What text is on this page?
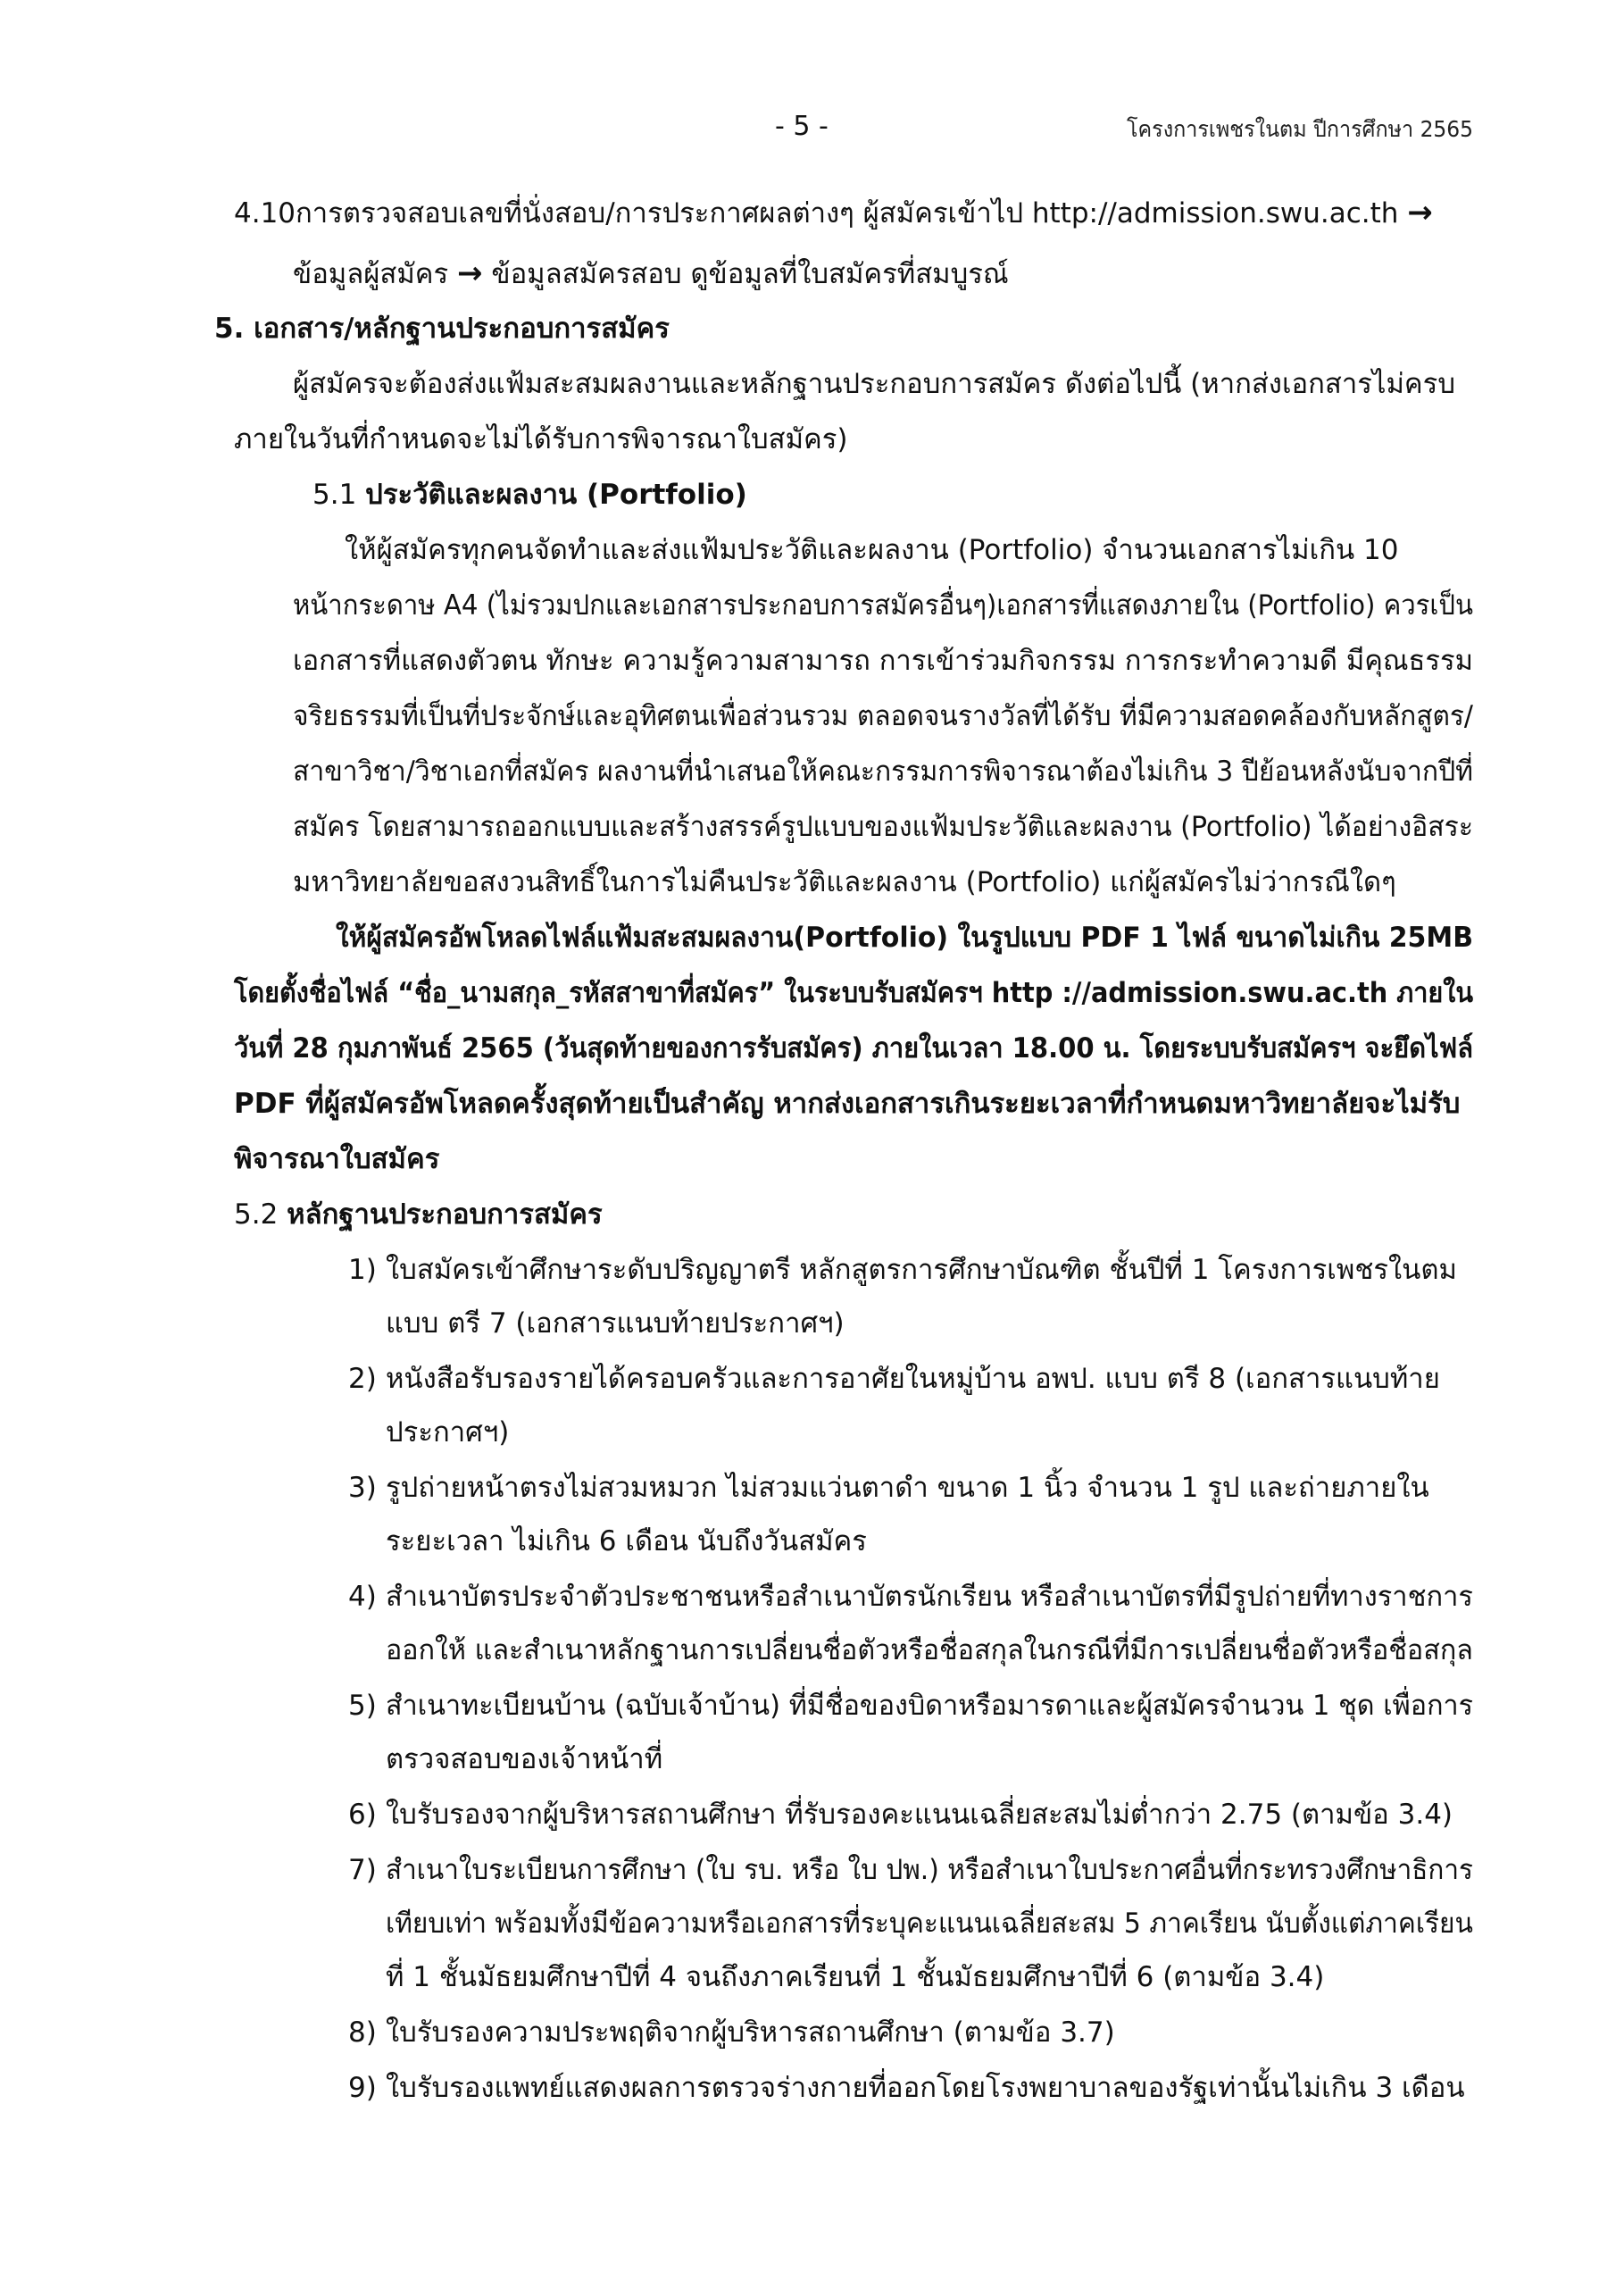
- 5 -	โครงการเพชรในตม ปีการศึกษา 2565
4.10การตรวจสอบเลขที่นั่งสอบ/การประกาศผลต่างๆ ผู้สมัครเข้าไป http://admission.swu.ac.th →
ข้อมูลผู้สมัคร → ข้อมูลสมัครสอบ ดูข้อมูลที่ใบสมัครที่สมบูรณ์
5. เอกสาร/หลักฐานประกอบการสมัคร
ผู้สมัครจะต้องส่งแฟ้มสะสมผลงานและหลักฐานประกอบการสมัคร ดังต่อไปนี้ (หากส่งเอกสารไม่ครบ
ภายในวันที่กำหนดจะไม่ได้รับการพิจารณาใบสมัคร)
5.1 ประวัติและผลงาน (Portfolio)
ให้ผู้สมัครทุกคนจัดทำและส่งแฟ้มประวัติและผลงาน (Portfolio) จำนวนเอกสารไม่เกิน 10
หน้ากระดาษ A4 (ไม่รวมปกและเอกสารประกอบการสมัครอื่นๆ)เอกสารที่แสดงภายใน (Portfolio) ควรเป็น
เอกสารที่แสดงตัวตน ทักษะ ความรู้ความสามารถ การเข้าร่วมกิจกรรม การกระทำความดี มีคุณธรรม
จริยธรรมที่เป็นที่ประจักษ์และอุทิศตนเพื่อส่วนรวม ตลอดจนรางวัลที่ได้รับ ที่มีความสอดคล้องกับหลักสูตร/
สาขาวิชา/วิชาเอกที่สมัคร ผลงานที่นำเสนอให้คณะกรรมการพิจารณาต้องไม่เกิน 3 ปีย้อนหลังนับจากปีที่
สมัคร โดยสามารถออกแบบและสร้างสรรค์รูปแบบของแฟ้มประวัติและผลงาน (Portfolio) ได้อย่างอิสระ
มหาวิทยาลัยขอสงวนสิทธิ์ในการไม่คืนประวัติและผลงาน (Portfolio) แก่ผู้สมัครไม่ว่ากรณีใดๆ
ให้ผู้สมัครอัพโหลดไฟล์แฟ้มสะสมผลงาน(Portfolio) ในรูปแบบ PDF 1 ไฟล์ ขนาดไม่เกิน 25MB
โดยตั้งชื่อไฟล์ “ชื่อ_นามสกุล_รหัสสาขาที่สมัคร” ในระบบรับสมัครฯ http ://admission.swu.ac.th ภายใน
วันที่ 28 กุมภาพันธ์ 2565 (วันสุดท้ายของการรับสมัคร) ภายในเวลา 18.00 น. โดยระบบรับสมัครฯ จะยึดไฟล์
PDF ที่ผู้สมัครอัพโหลดครั้งสุดท้ายเป็นสำคัญ หากส่งเอกสารเกินระยะเวลาที่กำหนดมหาวิทยาลัยจะไม่รับ
พิจารณาใบสมัคร
5.2 หลักฐานประกอบการสมัคร
1) ใบสมัครเข้าศึกษาระดับปริญญาตรี หลักสูตรการศึกษาบัณฑิต ชั้นปีที่ 1 โครงการเพชรในตม
แบบ ตรี 7 (เอกสารแนบท้ายประกาศฯ)
2) หนังสือรับรองรายได้ครอบครัวและการอาศัยในหมู่บ้าน อพป. แบบ ตรี 8 (เอกสารแนบท้าย
ประกาศฯ)
3) รูปถ่ายหน้าตรงไม่สวมหมวก ไม่สวมแว่นตาดำ ขนาด 1 นิ้ว จำนวน 1 รูป และถ่ายภายใน
ระยะเวลา ไม่เกิน 6 เดือน นับถึงวันสมัคร
4) สำเนาบัตรประจำตัวประชาชนหรือสำเนาบัตรนักเรียน หรือสำเนาบัตรที่มีรูปถ่ายที่ทางราชการ
ออกให้ และสำเนาหลักฐานการเปลี่ยนชื่อตัวหรือชื่อสกุลในกรณีที่มีการเปลี่ยนชื่อตัวหรือชื่อสกุล
5) สำเนาทะเบียนบ้าน (ฉบับเจ้าบ้าน) ที่มีชื่อของบิดาหรือมารดาและผู้สมัครจำนวน 1 ชุด เพื่อการ
ตรวจสอบของเจ้าหน้าที่
6) ใบรับรองจากผู้บริหารสถานศึกษา ที่รับรองคะแนนเฉลี่ยสะสมไม่ต่ำกว่า 2.75 (ตามข้อ 3.4)
7) สำเนาใบระเบียนการศึกษา (ใบ รบ. หรือ ใบ ปพ.) หรือสำเนาใบประกาศอื่นที่กระทรวงศึกษาธิการ
เทียบเท่า พร้อมทั้งมีข้อความหรือเอกสารที่ระบุคะแนนเฉลี่ยสะสม 5 ภาคเรียน นับตั้งแต่ภาคเรียน
ที่ 1 ชั้นมัธยมศึกษาปีที่ 4 จนถึงภาคเรียนที่ 1 ชั้นมัธยมศึกษาปีที่ 6 (ตามข้อ 3.4)
8) ใบรับรองความประพฤติจากผู้บริหารสถานศึกษา (ตามข้อ 3.7)
9) ใบรับรองแพทย์แสดงผลการตรวจร่างกายที่ออกโดยโรงพยาบาลของรัฐเท่านั้นไม่เกิน 3 เดือน
